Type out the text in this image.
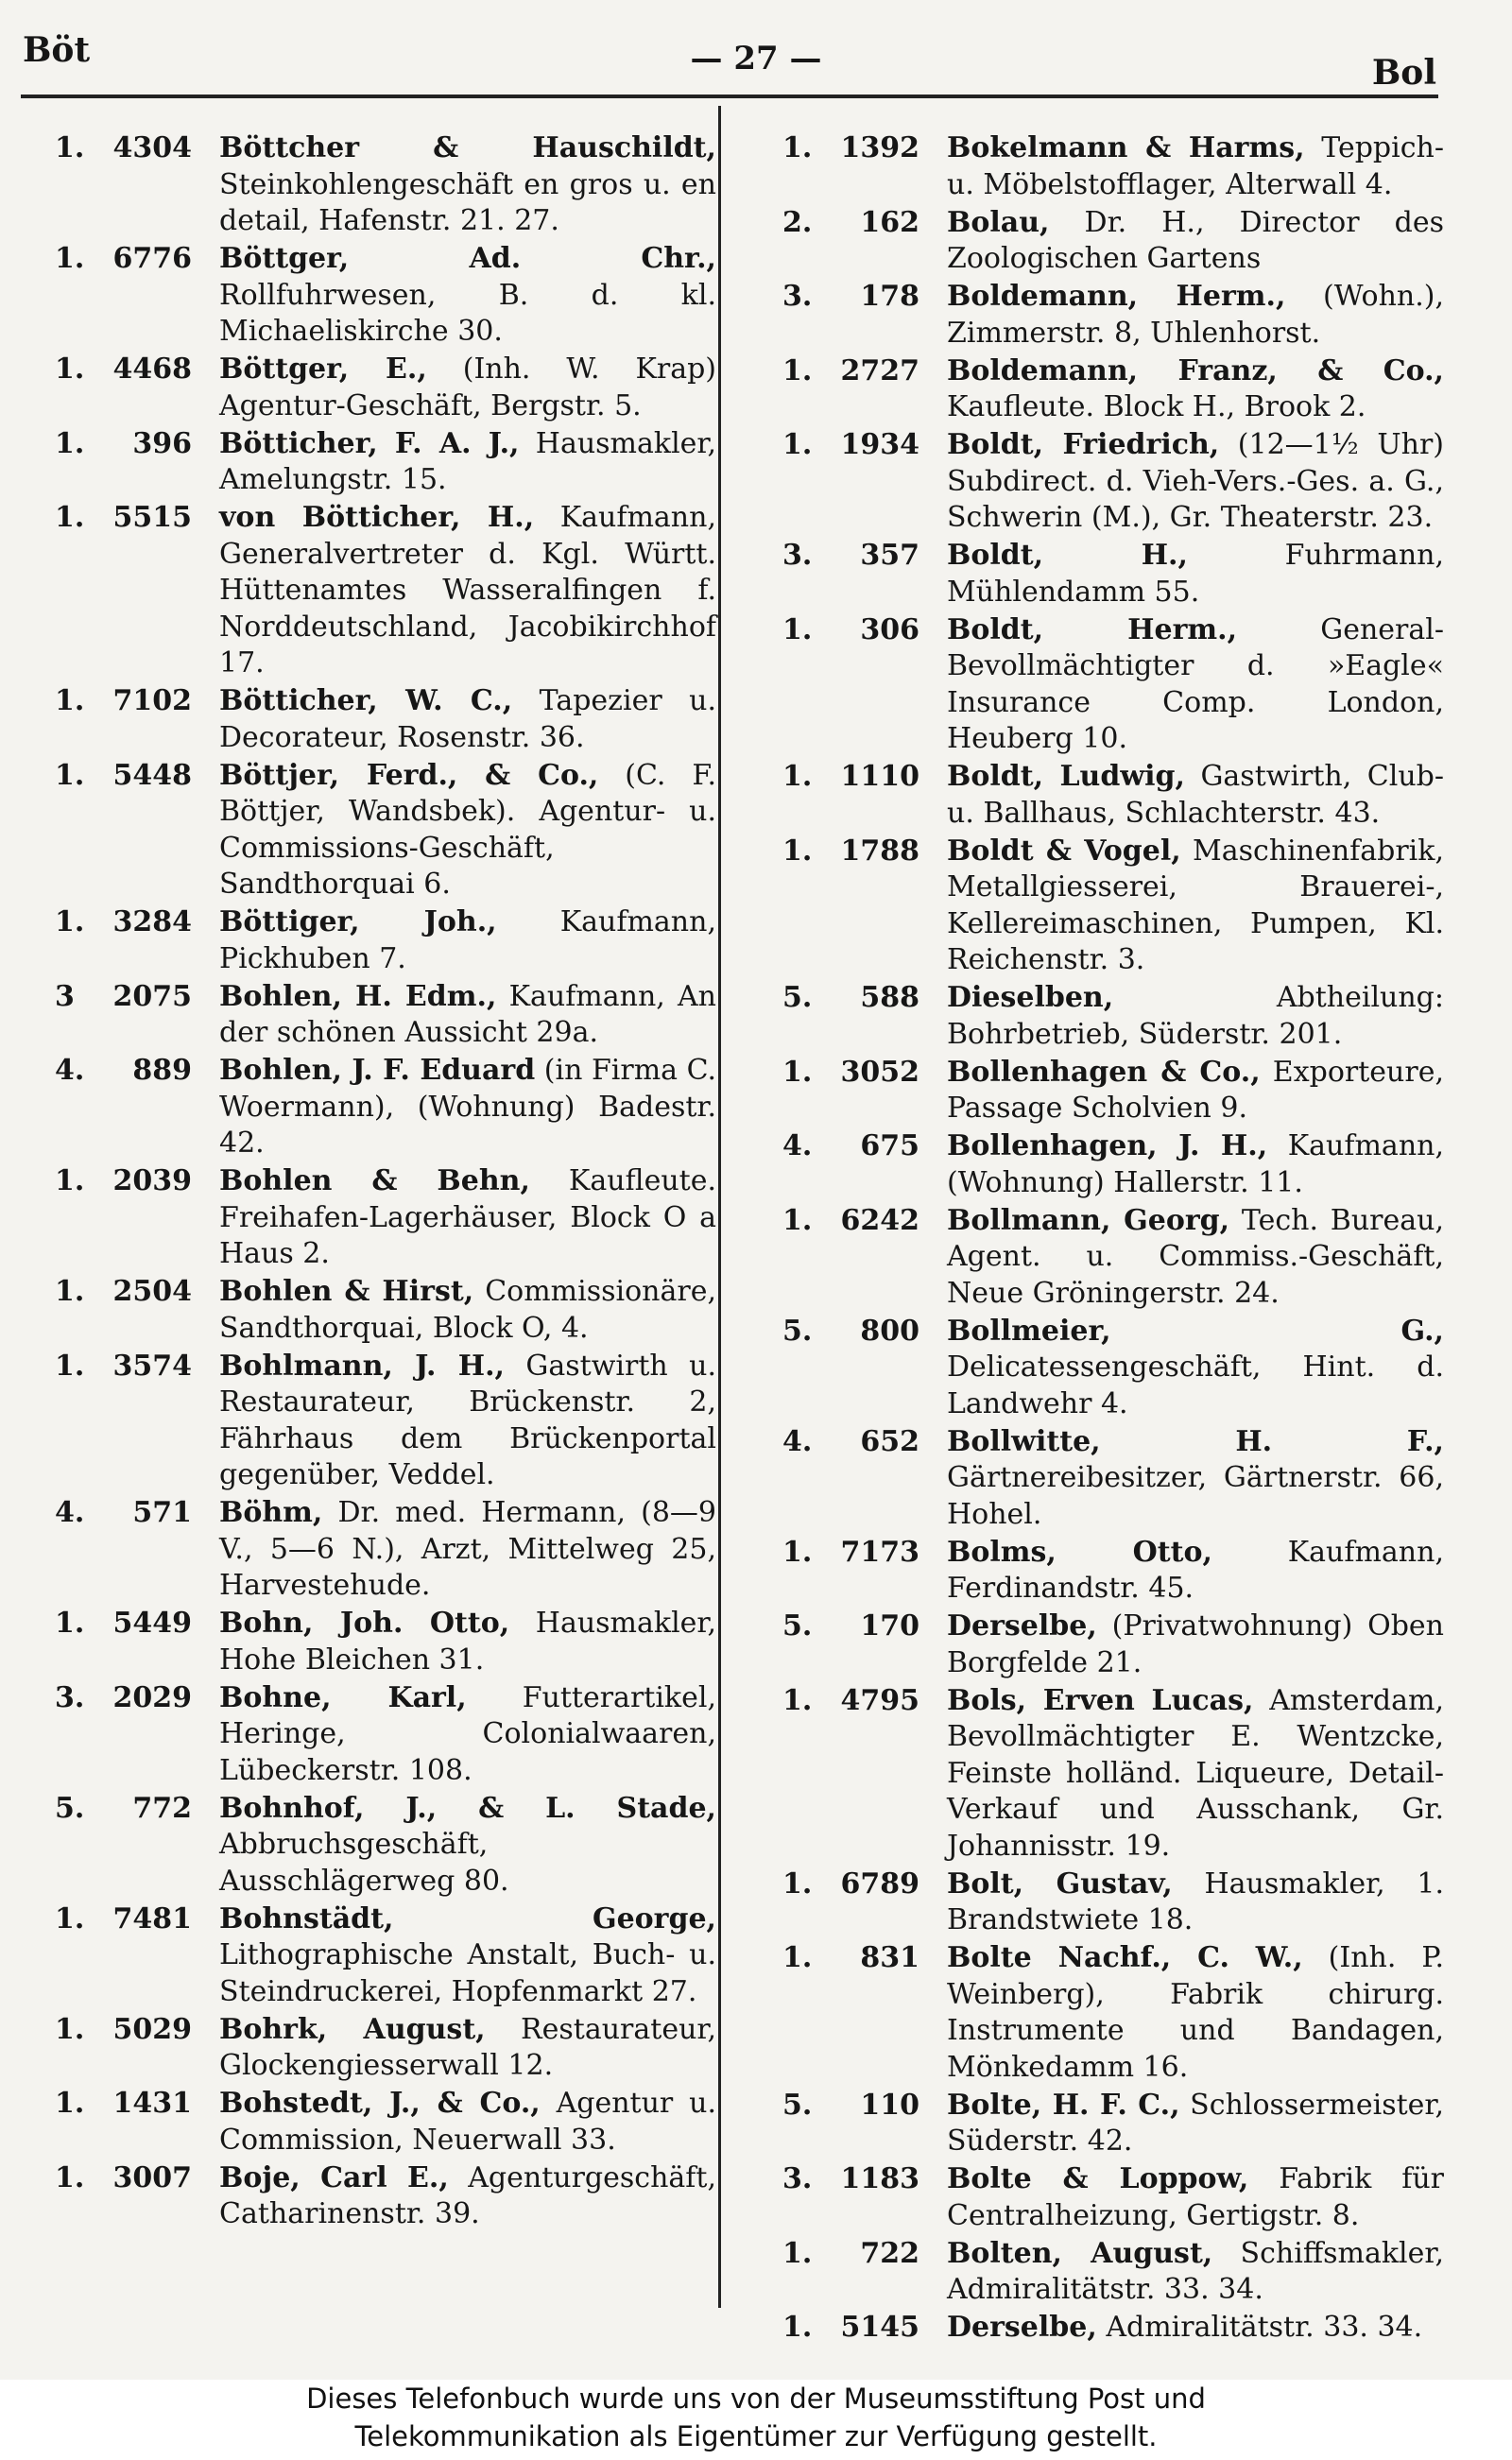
Böt	— 27 —	Bol
1. 4304 Böttcher & Hauschildt, Steinkohlengeschäft en gros u. en detail, Hafenstr. 21. 27.
1. 6776 Böttger, Ad. Chr., Rollfuhrwesen, B. d. kl. Michaeliskirche 30.
1. 4468 Böttger, E., (Inh. W. Krap) Agentur-Geschäft, Bergstr. 5.
1. 396 Bötticher, F. A. J., Hausmakler, Amelungstr. 15.
1. 5515 von Bötticher, H., Kaufmann, Generalvertreter d. Kgl. Württ. Hüttenamtes Wasseralfingen f. Norddeutschland, Jacobikirchhof 17.
1. 7102 Bötticher, W. C., Tapezier u. Decorateur, Rosenstr. 36.
1. 5448 Böttjer, Ferd., & Co., (C. F. Böttjer, Wandsbek). Agentur- u. Commissions-Geschäft, Sandthorquai 6.
1. 3284 Böttiger, Joh., Kaufmann, Pickhuben 7.
3 2075 Bohlen, H. Edm., Kaufmann, An der schönen Aussicht 29a.
4. 889 Bohlen, J. F. Eduard (in Firma C. Woermann), (Wohnung) Badestr. 42.
1. 2039 Bohlen & Behn, Kaufleute. Freihafen-Lagerhäuser, Block O a Haus 2.
1. 2504 Bohlen & Hirst, Commissionäre, Sandthorquai, Block O, 4.
1. 3574 Bohlmann, J. H., Gastwirth u. Restaurateur, Brückenstr. 2, Fährhaus dem Brückenportal gegenüber, Veddel.
4. 571 Böhm, Dr. med. Hermann, (8—9 V., 5—6 N.), Arzt, Mittelweg 25, Harvestehude.
1. 5449 Bohn, Joh. Otto, Hausmakler, Hohe Bleichen 31.
3. 2029 Bohne, Karl, Futterartikel, Heringe, Colonialwaaren, Lübeckerstr. 108.
5. 772 Bohnhof, J., & L. Stade, Abbruchsgeschäft, Ausschlägerweg 80.
1. 7481 Bohnstädt, George, Lithographische Anstalt, Buch- u. Steindruckerei, Hopfenmarkt 27.
1. 5029 Bohrk, August, Restaurateur, Glockengiesserwall 12.
1. 1431 Bohstedt, J., & Co., Agentur u. Commission, Neuerwall 33.
1. 3007 Boje, Carl E., Agenturgeschäft, Catharinenstr. 39.
1. 1392 Bokelmann & Harms, Teppich- u. Möbelstofflager, Alterwall 4.
2. 162 Bolau, Dr. H., Director des Zoologischen Gartens
3. 178 Boldemann, Herm., (Wohn.), Zimmerstr. 8, Uhlenhorst.
1. 2727 Boldemann, Franz, & Co., Kaufleute. Block H., Brook 2.
1. 1934 Boldt, Friedrich, (12—1½ Uhr) Subdirect. d. Vieh-Vers.-Ges. a. G., Schwerin (M.), Gr. Theaterstr. 23.
3. 357 Boldt, H., Fuhrmann, Mühlendamm 55.
1. 306 Boldt, Herm., General-Bevollmächtigter d. »Eagle« Insurance Comp. London, Heuberg 10.
1. 1110 Boldt, Ludwig, Gastwirth, Club- u. Ballhaus, Schlachterstr. 43.
1. 1788 Boldt & Vogel, Maschinenfabrik, Metallgiesserei, Brauerei-, Kellereimaschinen, Pumpen, Kl. Reichenstr. 3.
5. 588 Dieselben, Abtheilung: Bohrbetrieb, Süderstr. 201.
1. 3052 Bollenhagen & Co., Exporteure, Passage Scholvien 9.
4. 675 Bollenhagen, J. H., Kaufmann, (Wohnung) Hallerstr. 11.
1. 6242 Bollmann, Georg, Tech. Bureau, Agent. u. Commiss.-Geschäft, Neue Gröningerstr. 24.
5. 800 Bollmeier, G., Delicatessengeschäft, Hint. d. Landwehr 4.
4. 652 Bollwitte, H. F., Gärtnereibesitzer, Gärtnerstr. 66, Hohel.
1. 7173 Bolms, Otto, Kaufmann, Ferdinandstr. 45.
5. 170 Derselbe, (Privatwohnung) Oben Borgfelde 21.
1. 4795 Bols, Erven Lucas, Amsterdam, Bevollmächtigter E. Wentzcke, Feinste holländ. Liqueure, Detail-Verkauf und Ausschank, Gr. Johannisstr. 19.
1. 6789 Bolt, Gustav, Hausmakler, 1. Brandstwiete 18.
1. 831 Bolte Nachf., C. W., (Inh. P. Weinberg), Fabrik chirurg. Instrumente und Bandagen, Mönkedamm 16.
5. 110 Bolte, H. F. C., Schlossermeister, Süderstr. 42.
3. 1183 Bolte & Loppow, Fabrik für Centralheizung, Gertigstr. 8.
1. 722 Bolten, August, Schiffsmakler, Admiralitätstr. 33. 34.
1. 5145 Derselbe, Admiralitätstr. 33. 34.
Dieses Telefonbuch wurde uns von der Museumsstiftung Post und
Telekommunikation als Eigentümer zur Verfügung gestellt.
